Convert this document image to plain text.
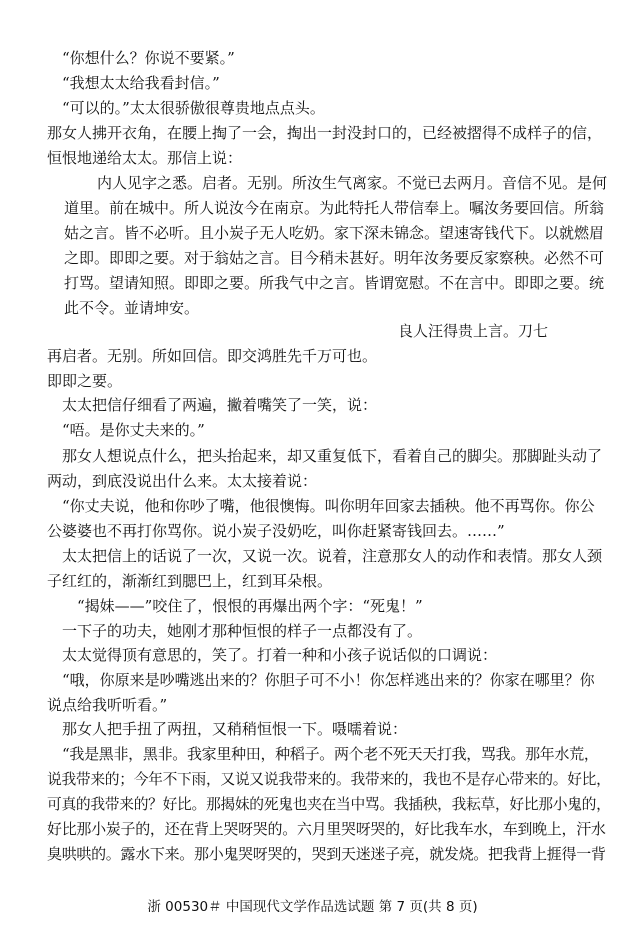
“你想什么？你说不要紧。”
“我想太太给我看封信。”
“可以的。”太太很骄傲很尊贵地点点头。
那女人拂开衣角，在腰上掏了一会，掏出一封没封口的，已经被摺得不成样子的信，
恒恨地递给太太。那信上说：
内人见字之悉。启者。无别。所汝生气离家。不觉已去两月。音信不见。是何
道里。前在城中。所人说汝今在南京。为此特托人带信奉上。嘱汝务要回信。所翁
姑之言。皆不必听。且小炭子无人吃奶。家下深未锦念。望速寄钱代下。以就燃眉
之即。即即之要。对于翁姑之言。目今稍未甚好。明年汝务要反家察秧。必然不可
打骂。望请知照。即即之要。所我气中之言。皆谓宽慰。不在言中。即即之要。统
此不令。並请坤安。
良人汪得贵上言。刀七
再启者。无别。所如回信。即交鸿胜先千万可也。
即即之要。
太太把信仔细看了两遍，撇着嘴笑了一笑，说：
“唔。是你丈夫来的。”
那女人想说点什么，把头抬起来，却又重复低下，看着自己的脚尖。那脚趾头动了
两动，到底没说出什么来。太太接着说：
“你丈夫说，他和你吵了嘴，他很懊悔。叫你明年回家去插秧。他不再骂你。你公
公婆婆也不再打你骂你。说小炭子没奶吃，叫你赶紧寄钱回去。……”
太太把信上的话说了一次，又说一次。说着，注意那女人的动作和表情。那女人颈
子红红的，渐渐红到腮巴上，红到耳朵根。
“揭妹——”咬住了，恨恨的再爆出两个字：“死鬼！”
一下子的功夫，她刚才那种恒恨的样子一点都没有了。
太太觉得顶有意思的，笑了。打着一种和小孩子说话似的口调说：
“哦，你原来是吵嘴逃出来的？你胆子可不小！你怎样逃出来的？你家在哪里？你
说点给我听听看。”
那女人把手扭了两扭，又稍稍恒恨一下。嗫嚅着说：
“我是黑非，黑非。我家里种田，种稻子。两个老不死天天打我，骂我。那年水荒，
说我带来的；今年不下雨，又说又说我带来的。我带来的，我也不是存心带来的。好比，
可真的我带来的？好比。那揭妹的死鬼也夹在当中骂。我插秧，我耘草，好比那小鬼的，
好比那小炭子的，还在背上哭呀哭的。六月里哭呀哭的，好比我车水，车到晚上，汗水
臭哄哄的。露水下来。那小鬼哭呀哭的，哭到天迷迷子亮，就发烧。把我背上捱得一背
浙 00530＃ 中国现代文学作品选试题 第 7 页(共 8 页)
